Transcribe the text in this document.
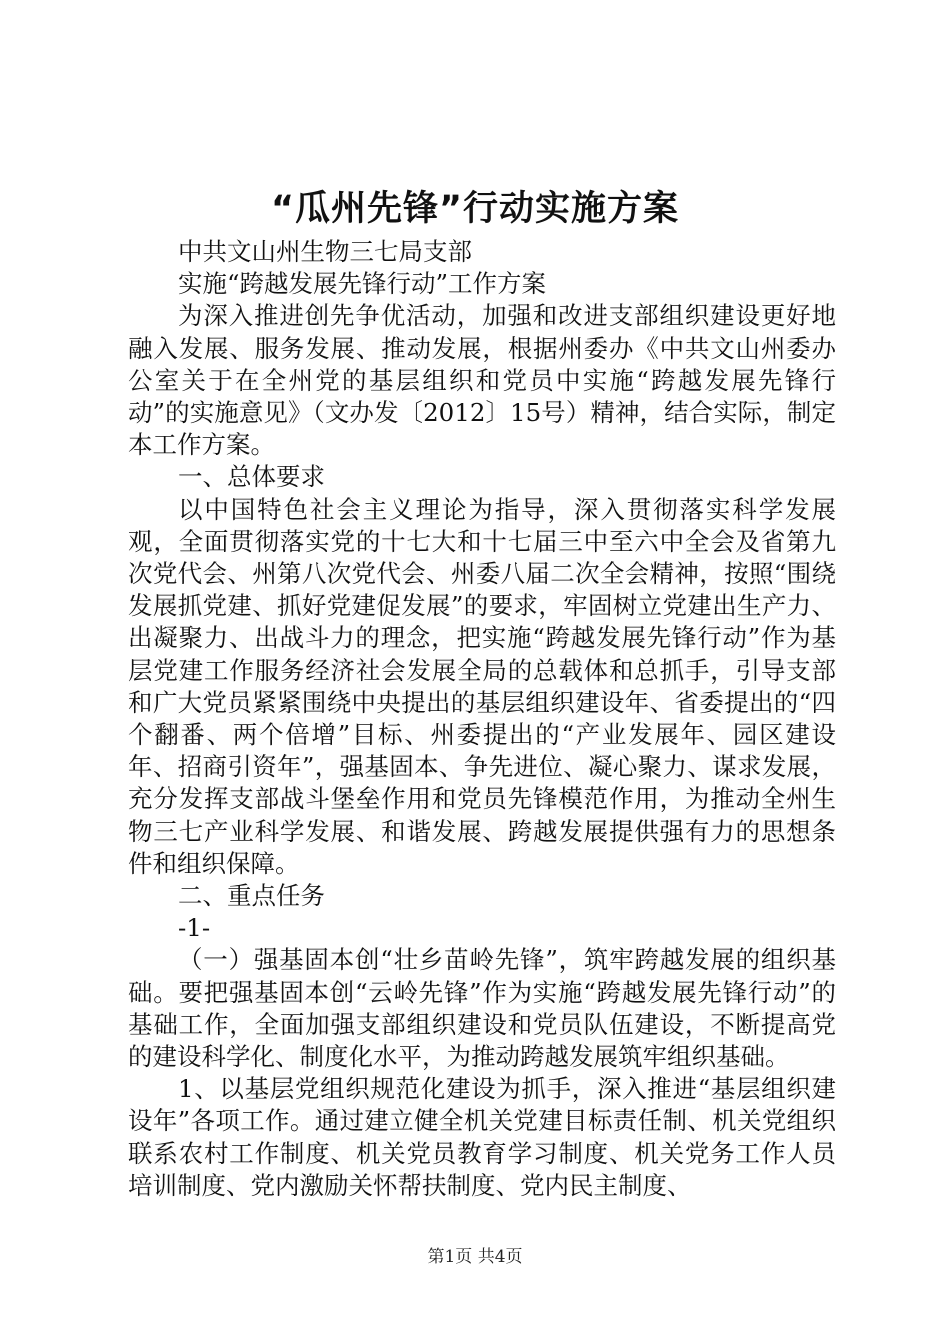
“瓜州先锋”行动实施方案

中共文山州生物三七局支部

实施“跨越发展先锋行动”工作方案

为深入推进创先争优活动，加强和改进支部组织建设更好地融入发展、服务发展、推动发展，根据州委办《中共文山州委办公室关于在全州党的基层组织和党员中实施“跨越发展先锋行动”的实施意见》（文办发〔2012〕15号）精神，结合实际，制定本工作方案。

一、总体要求

以中国特色社会主义理论为指导，深入贯彻落实科学发展观，全面贯彻落实党的十七大和十七届三中至六中全会及省第九次党代会、州第八次党代会、州委八届二次全会精神，按照“围绕发展抓党建、抓好党建促发展”的要求，牢固树立党建出生产力、出凝聚力、出战斗力的理念，把实施“跨越发展先锋行动”作为基层党建工作服务经济社会发展全局的总载体和总抓手，引导支部和广大党员紧紧围绕中央提出的基层组织建设年、省委提出的“四个翻番、两个倍增”目标、州委提出的“产业发展年、园区建设年、招商引资年”，强基固本、争先进位、凝心聚力、谋求发展，充分发挥支部战斗堡垒作用和党员先锋模范作用，为推动全州生物三七产业科学发展、和谐发展、跨越发展提供强有力的思想条件和组织保障。

二、重点任务

-1-

（一）强基固本创“壮乡苗岭先锋”，筑牢跨越发展的组织基础。要把强基固本创“云岭先锋”作为实施“跨越发展先锋行动”的基础工作，全面加强支部组织建设和党员队伍建设，不断提高党的建设科学化、制度化水平，为推动跨越发展筑牢组织基础。

1、以基层党组织规范化建设为抓手，深入推进“基层组织建设年”各项工作。通过建立健全机关党建目标责任制、机关党组织联系农村工作制度、机关党员教育学习制度、机关党务工作人员培训制度、党内激励关怀帮扶制度、党内民主制度、

第1页 共4页
